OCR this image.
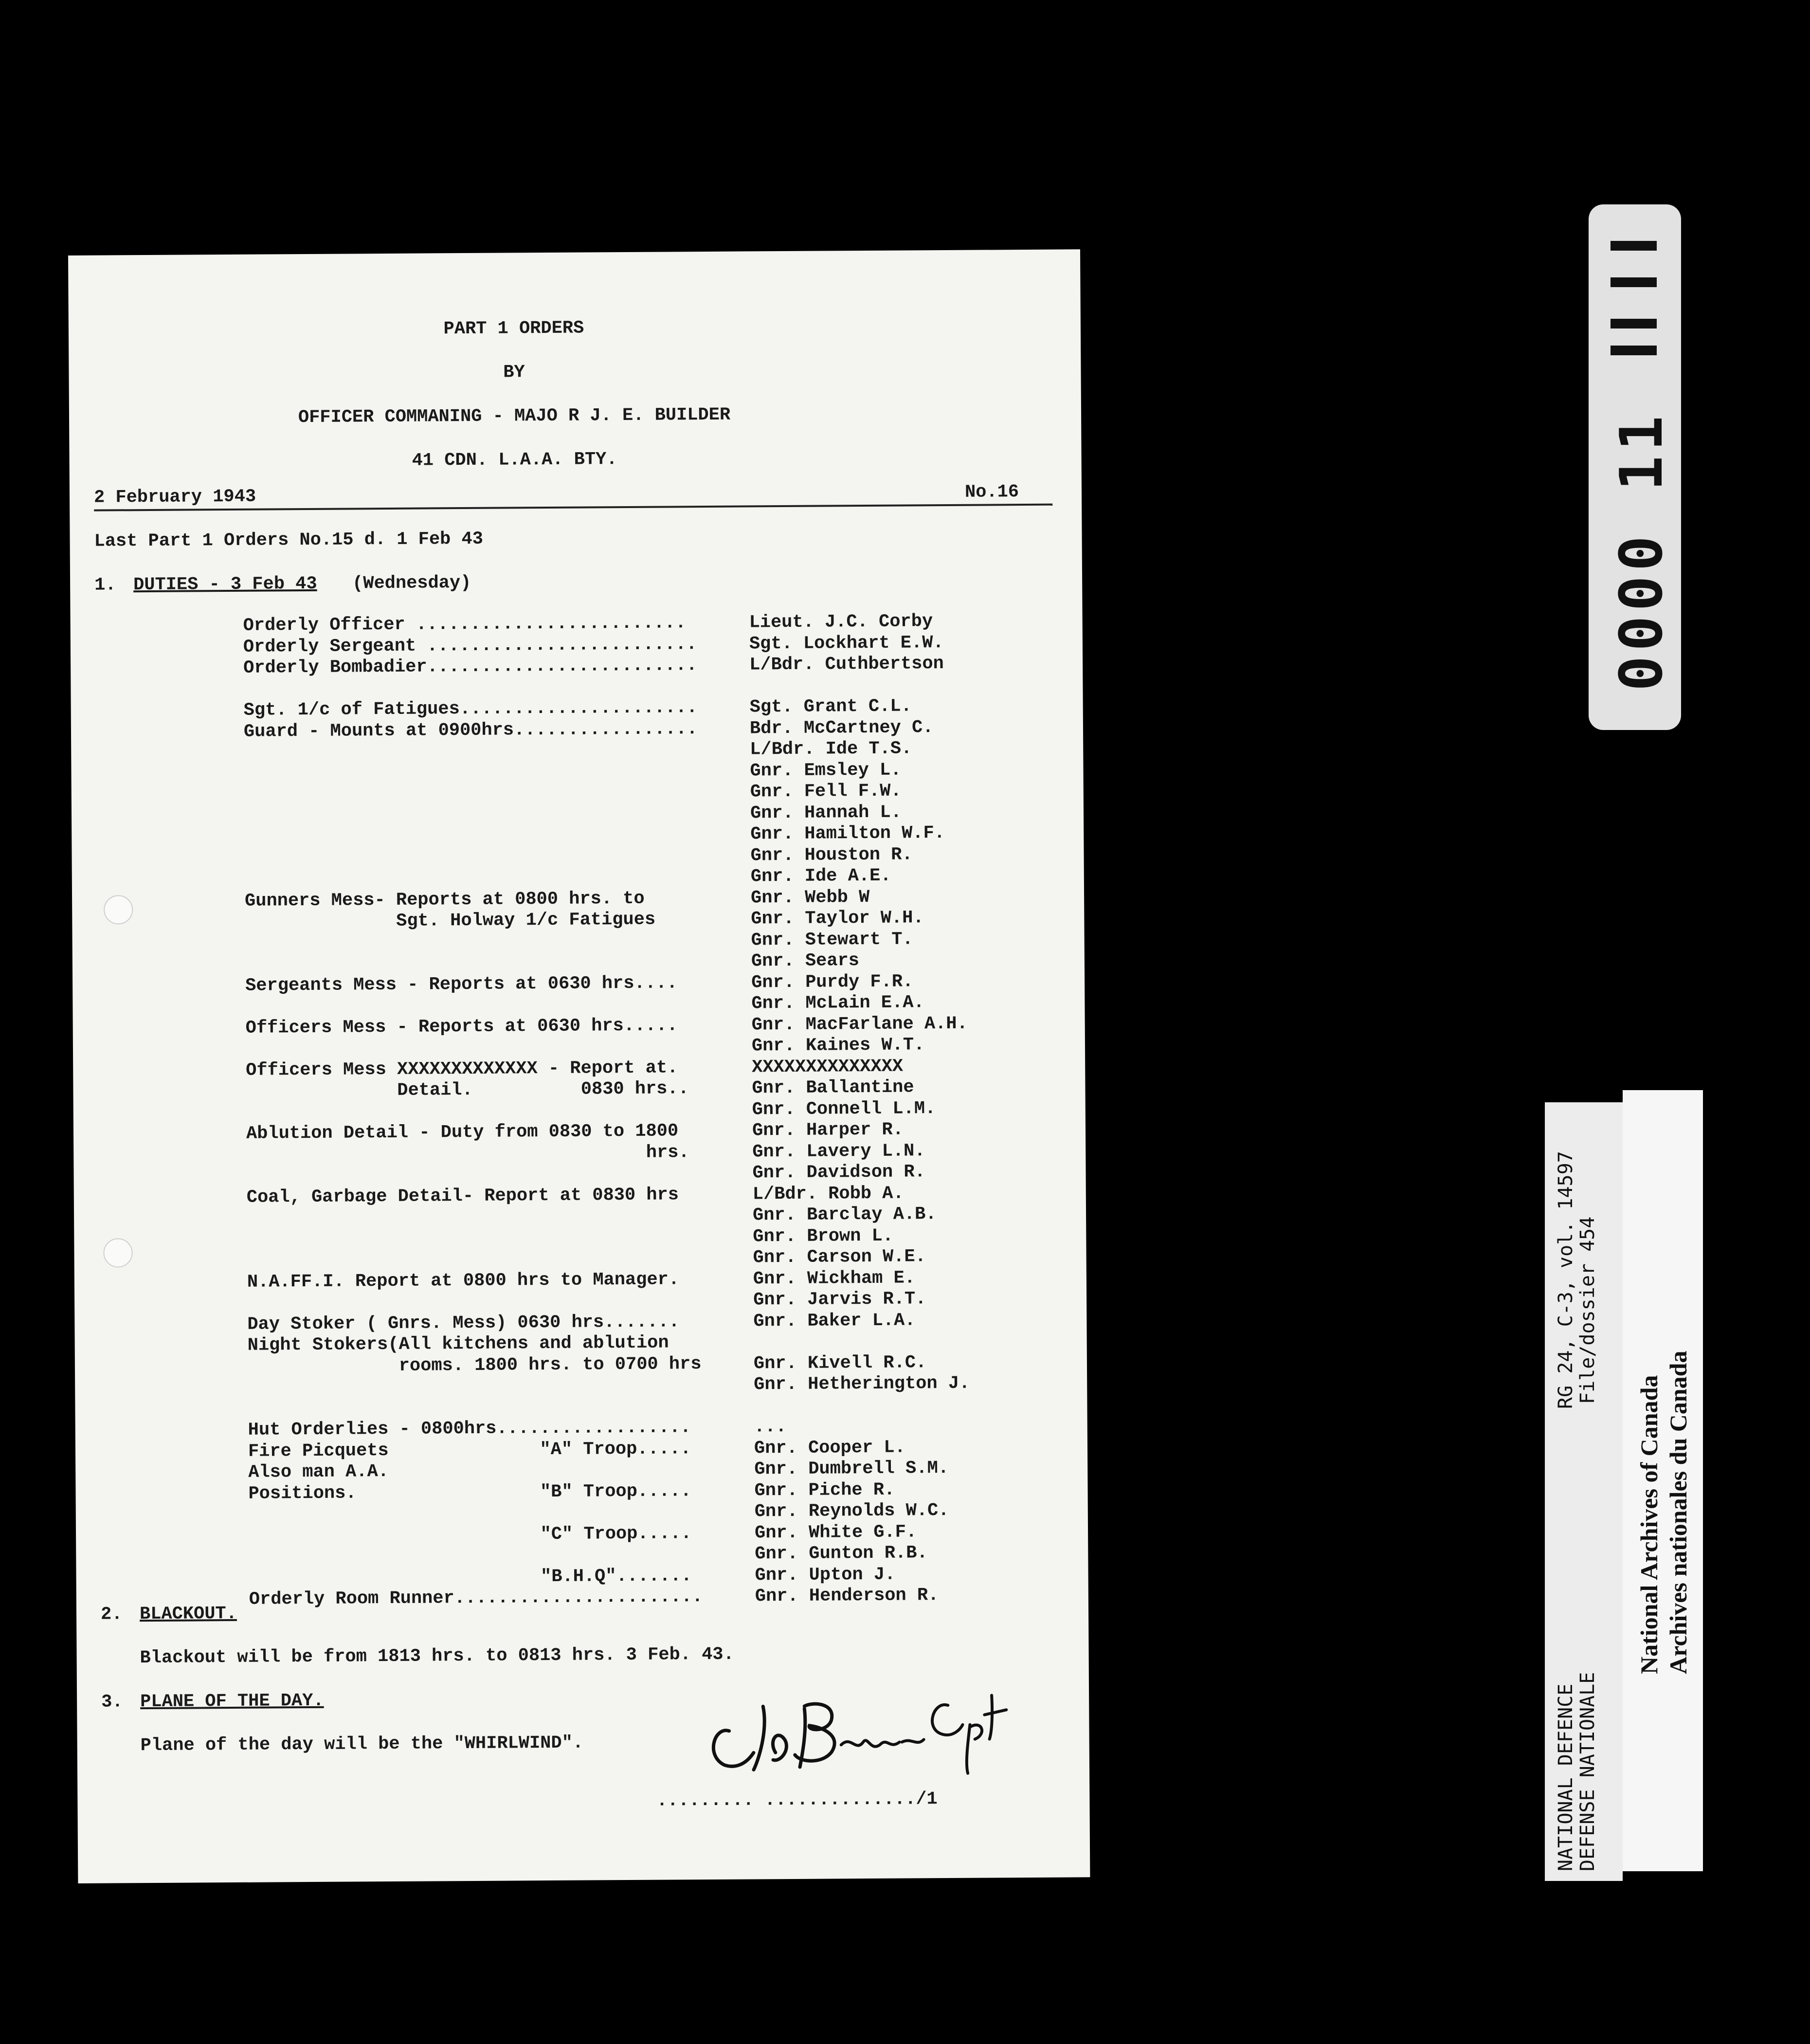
PART 1 ORDERS
BY
OFFICER COMMANING - MAJO R J. E. BUILDER
41 CDN. L.A.A. BTY.
2 February 1943	No.16
Last Part 1 Orders No.15 d. 1 Feb 43
1. DUTIES - 3 Feb 43 (Wednesday)
Orderly Officer .........................	Lieut. J.C. Corby
Orderly Sergeant .........................	Sgt. Lockhart E.W.
Orderly Bombadier.........................	L/Bdr. Cuthbertson
Sgt. 1/c of Fatigues......................	Sgt. Grant C.L.
Guard - Mounts at 0900hrs.................	Bdr. McCartney C.
L/Bdr. Ide T.S.
Gnr. Emsley L.
Gnr. Fell F.W.
Gnr. Hannah L.
Gnr. Hamilton W.F.
Gnr. Houston R.
Gnr. Ide A.E.
Gunners Mess- Reports at 0800 hrs. to	Gnr. Webb W
Sgt. Holway 1/c Fatigues	Gnr. Taylor W.H.
Gnr. Stewart T.
Gnr. Sears
Sergeants Mess - Reports at 0630 hrs....	Gnr. Purdy F.R.
Gnr. McLain E.A.
Officers Mess - Reports at 0630 hrs.....	Gnr. MacFarlane A.H.
Gnr. Kaines W.T.
Officers Mess XXXXXXXXXXXXX - Report at.	XXXXXXXXXXXXXX
Detail.          0830 hrs..	Gnr. Ballantine
Gnr. Connell L.M.
Ablution Detail - Duty from 0830 to 1800	Gnr. Harper R.
hrs.	Gnr. Lavery L.N.
Gnr. Davidson R.
Coal, Garbage Detail- Report at 0830 hrs	L/Bdr. Robb A.
Gnr. Barclay A.B.
Gnr. Brown L.
Gnr. Carson W.E.
N.A.FF.I. Report at 0800 hrs to Manager.	Gnr. Wickham E.
Gnr. Jarvis R.T.
Day Stoker ( Gnrs. Mess) 0630 hrs.......	Gnr. Baker L.A.
Night Stokers(All kitchens and ablution
rooms. 1800 hrs. to 0700 hrs	Gnr. Kivell R.C.
Gnr. Hetherington J.
Hut Orderlies - 0800hrs..................	...
Fire Picquets              "A" Troop.....	Gnr. Cooper L.
Also man A.A.	Gnr. Dumbrell S.M.
Positions.                 "B" Troop.....	Gnr. Piche R.
Gnr. Reynolds W.C.
"C" Troop.....	Gnr. White G.F.
Gnr. Gunton R.B.
"B.H.Q".......	Gnr. Upton J.
Orderly Room Runner.......................	Gnr. Henderson R.
2. BLACKOUT.
Blackout will be from 1813 hrs. to 0813 hrs. 3 Feb. 43.
3. PLANE OF THE DAY.
Plane of the day will be the "WHIRLWIND".
......... ............../1
0000 11
RG 24, C-3, vol. 14597 File/dossier 454
NATIONAL DEFENCE DEFENSE NATIONALE
National Archives of Canada Archives nationales du Canada
